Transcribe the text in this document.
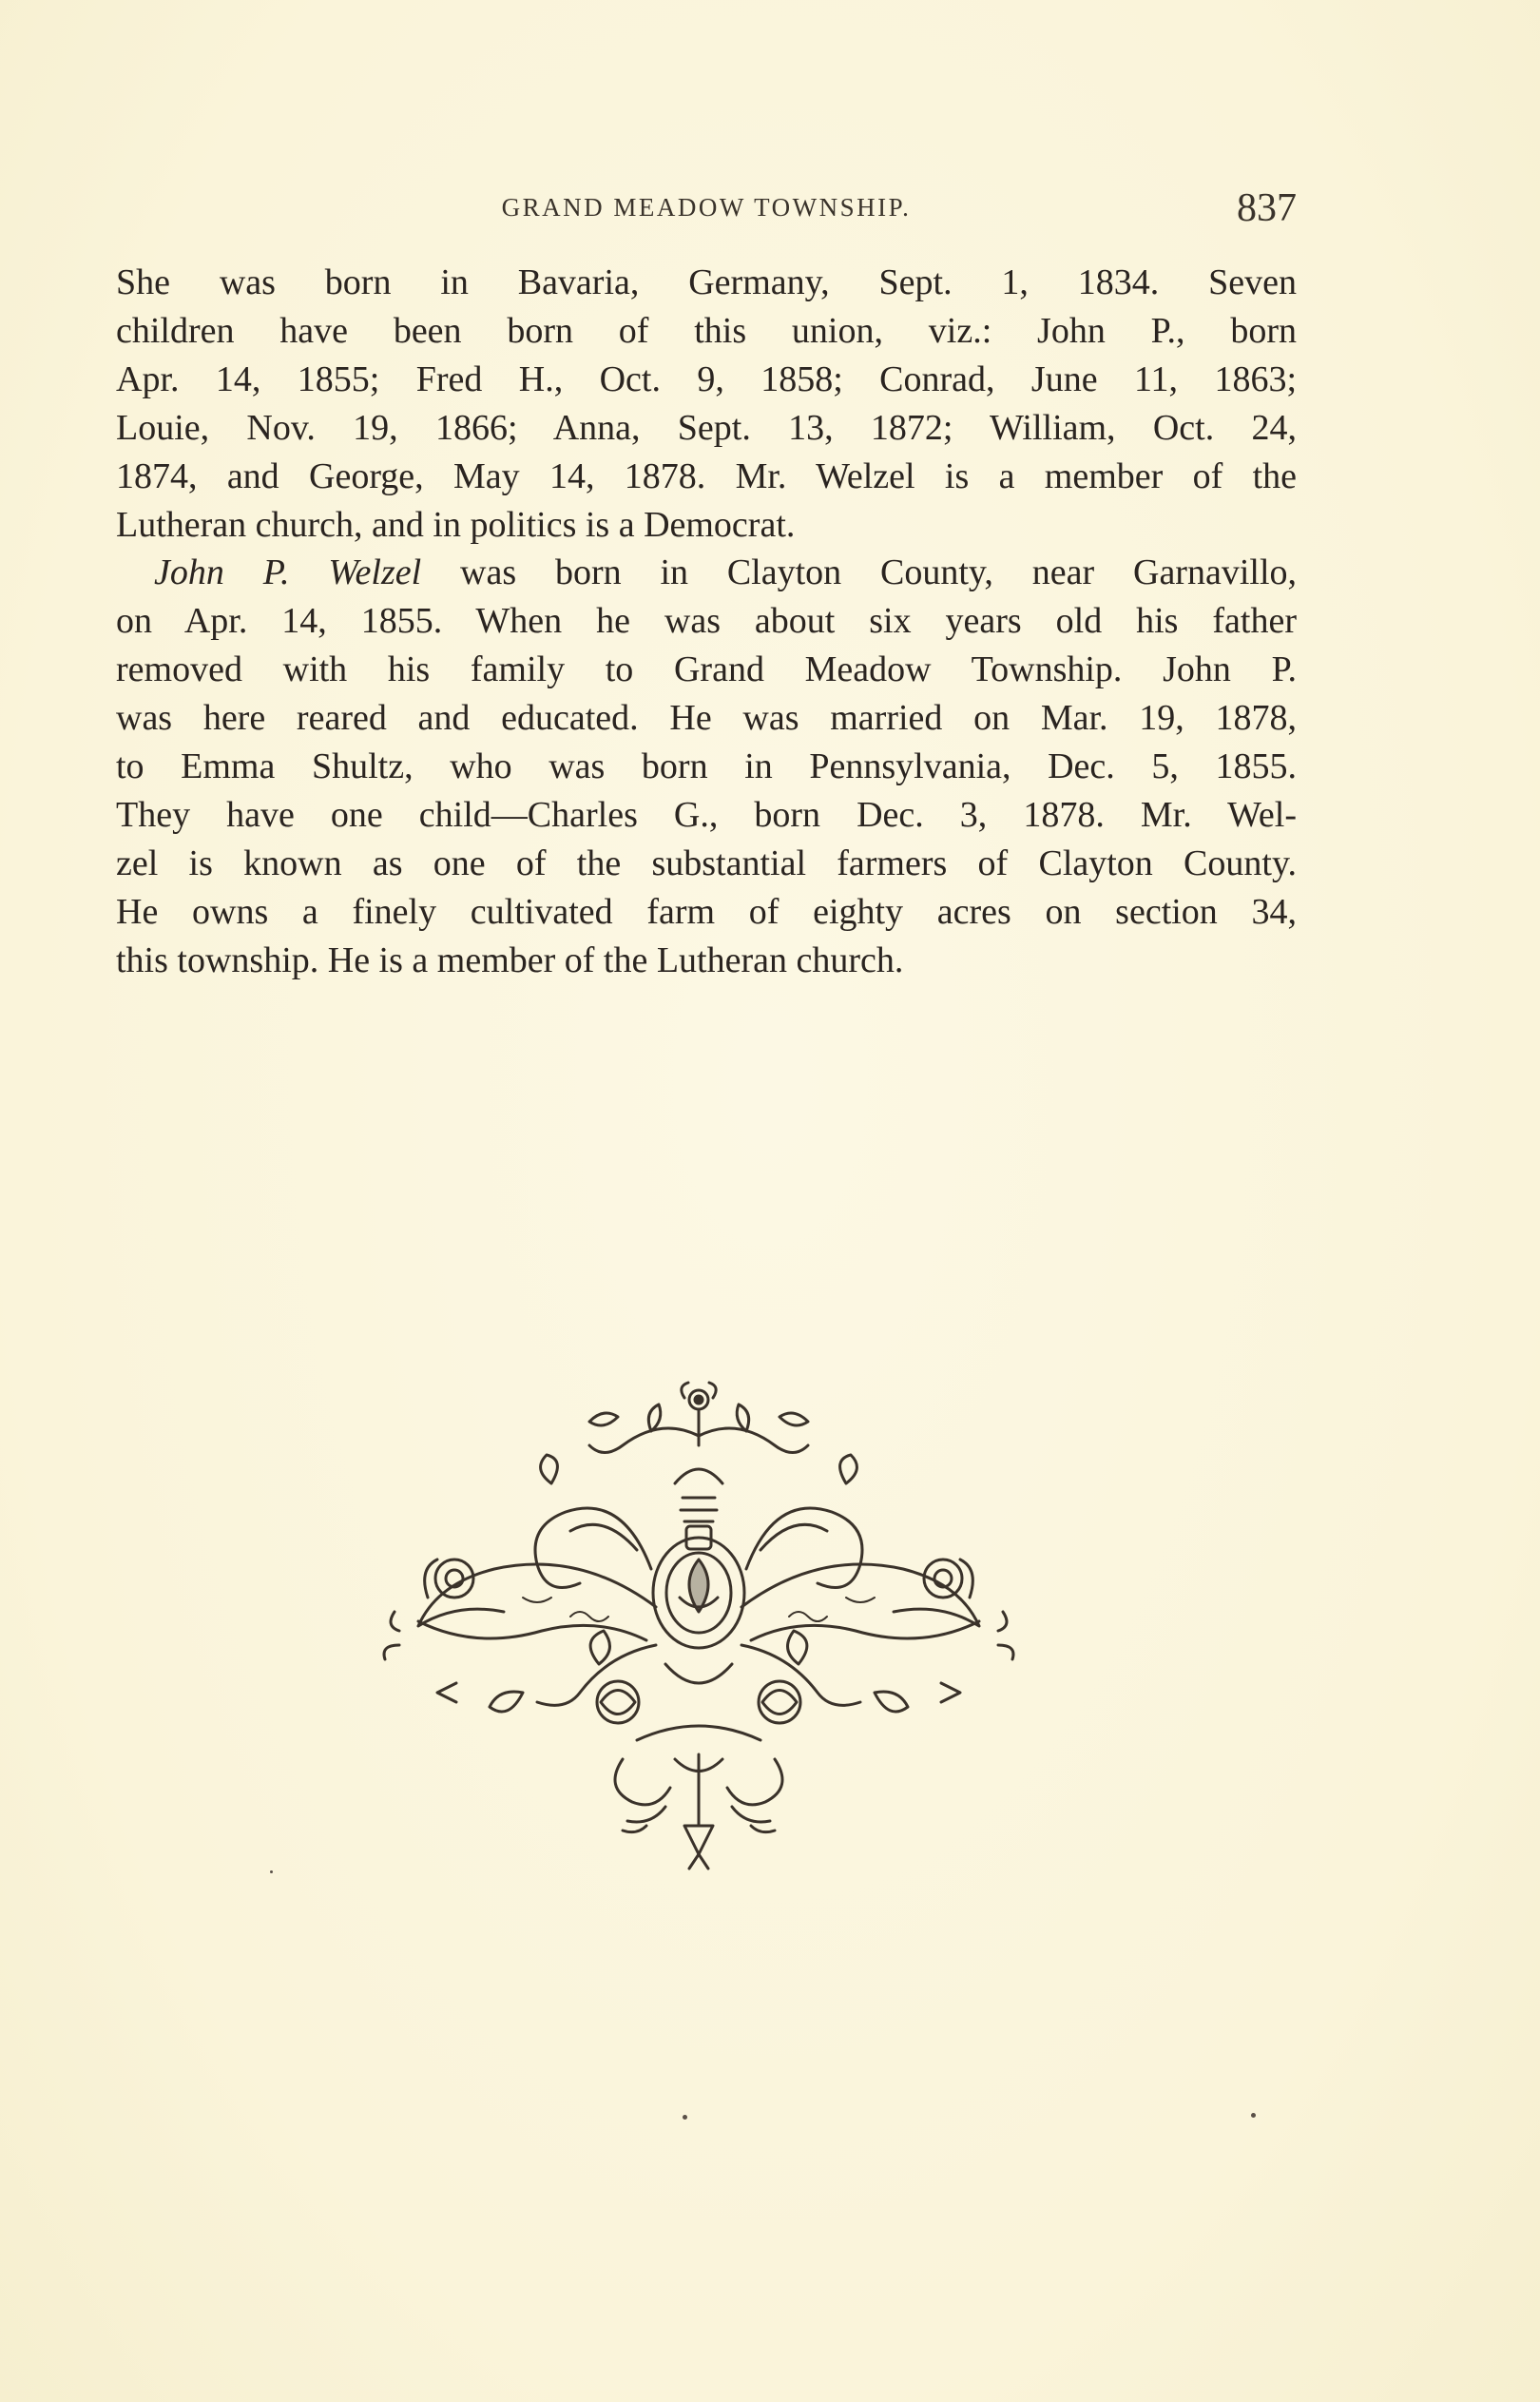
GRAND MEADOW TOWNSHIP.	837
She was born in Bavaria, Germany, Sept. 1, 1834. Seven
children have been born of this union, viz.: John P., born
Apr. 14, 1855; Fred H., Oct. 9, 1858; Conrad, June 11, 1863;
Louie, Nov. 19, 1866; Anna, Sept. 13, 1872; William, Oct. 24,
1874, and George, May 14, 1878. Mr. Welzel is a member of the
Lutheran church, and in politics is a Democrat.
John P. Welzel was born in Clayton County, near Garnavillo,
on Apr. 14, 1855. When he was about six years old his father
removed with his family to Grand Meadow Township. John P.
was here reared and educated. He was married on Mar. 19, 1878,
to Emma Shultz, who was born in Pennsylvania, Dec. 5, 1855.
They have one child—Charles G., born Dec. 3, 1878. Mr. Wel-
zel is known as one of the substantial farmers of Clayton County.
He owns a finely cultivated farm of eighty acres on section 34,
this township. He is a member of the Lutheran church.
